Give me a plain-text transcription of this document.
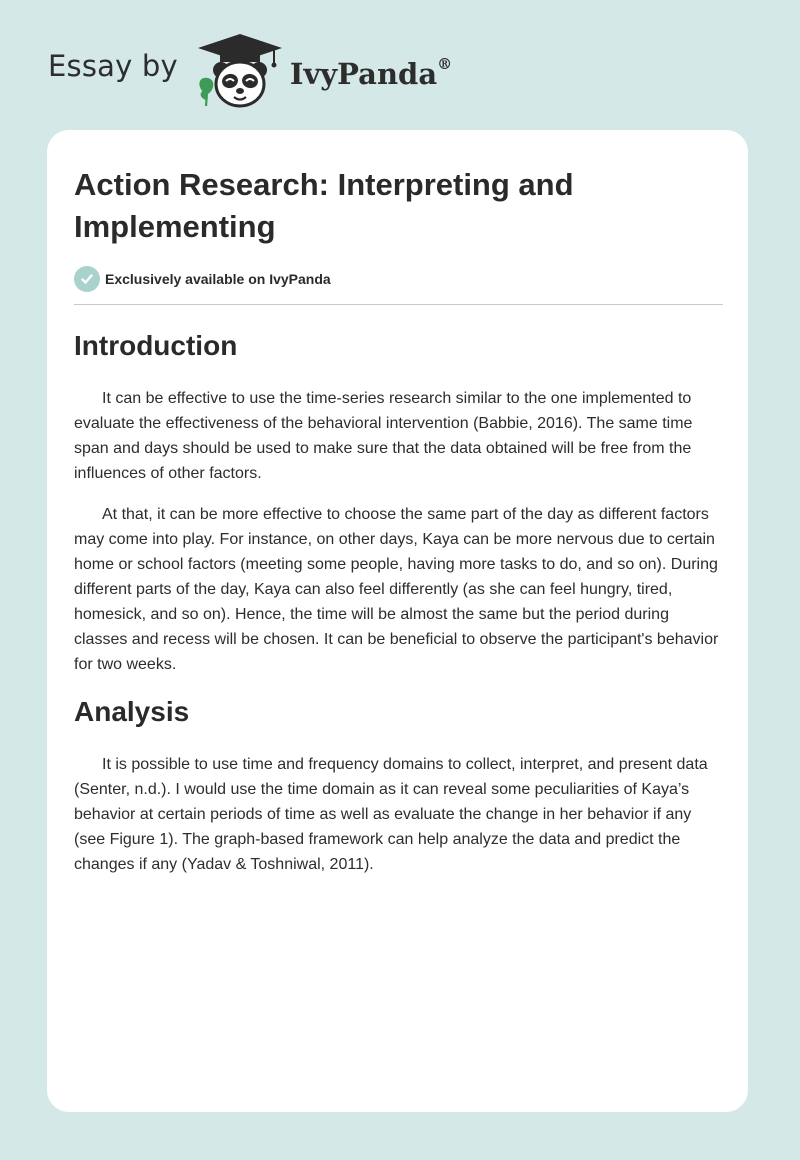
Essay by	IvyPanda®
Action Research: Interpreting and Implementing
Exclusively available on IvyPanda
Introduction

It can be effective to use the time-series research similar to the one implemented to evaluate the effectiveness of the behavioral intervention (Babbie, 2016). The same time span and days should be used to make sure that the data obtained will be free from the influences of other factors.

At that, it can be more effective to choose the same part of the day as different factors may come into play. For instance, on other days, Kaya can be more nervous due to certain home or school factors (meeting some people, having more tasks to do, and so on). During different parts of the day, Kaya can also feel differently (as she can feel hungry, tired, homesick, and so on). Hence, the time will be almost the same but the period during classes and recess will be chosen. It can be beneficial to observe the participant's behavior for two weeks.

Analysis

It is possible to use time and frequency domains to collect, interpret, and present data (Senter, n.d.). I would use the time domain as it can reveal some peculiarities of Kaya’s behavior at certain periods of time as well as evaluate the change in her behavior if any (see Figure 1). The graph-based framework can help analyze the data and predict the changes if any (Yadav & Toshniwal, 2011).
